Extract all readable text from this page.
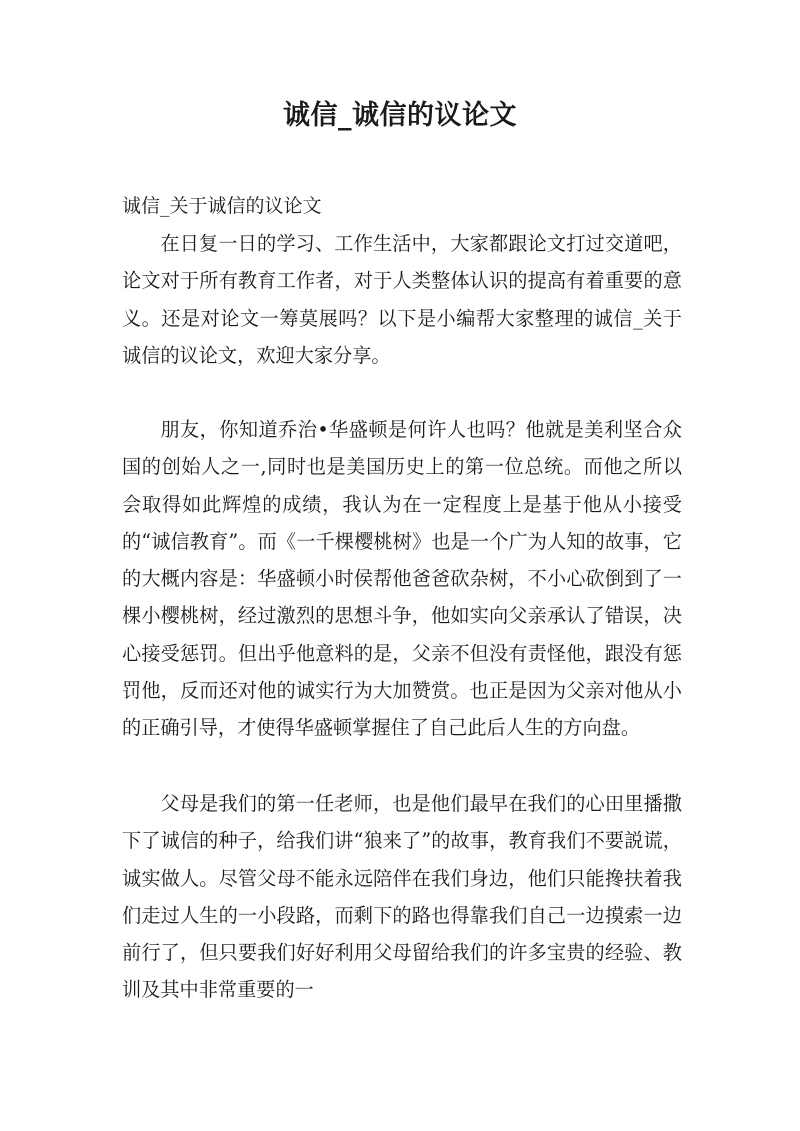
诚信_诚信的议论文
诚信_关于诚信的议论文
在日复一日的学习、工作生活中，大家都跟论文打过交道吧，论文对于所有教育工作者，对于人类整体认识的提高有着重要的意义。还是对论文一筹莫展吗？以下是小编帮大家整理的诚信_关于诚信的议论文，欢迎大家分享。
朋友，你知道乔治•华盛顿是何许人也吗？他就是美利坚合众国的创始人之一,同时也是美国历史上的第一位总统。而他之所以会取得如此辉煌的成绩，我认为在一定程度上是基于他从小接受的“诚信教育”。而《一千棵樱桃树》也是一个广为人知的故事，它的大概内容是：华盛顿小时侯帮他爸爸砍杂树，不小心砍倒到了一棵小樱桃树，经过激烈的思想斗争，他如实向父亲承认了错误，决心接受惩罚。但出乎他意料的是，父亲不但没有责怪他，跟没有惩罚他，反而还对他的诚实行为大加赞赏。也正是因为父亲对他从小的正确引导，才使得华盛顿掌握住了自己此后人生的方向盘。
父母是我们的第一任老师，也是他们最早在我们的心田里播撒下了诚信的种子，给我们讲“狼来了”的故事，教育我们不要説谎，诚实做人。尽管父母不能永远陪伴在我们身边，他们只能搀扶着我们走过人生的一小段路，而剩下的路也得靠我们自己一边摸索一边前行了，但只要我们好好利用父母留给我们的许多宝贵的经验、教训及其中非常重要的一
